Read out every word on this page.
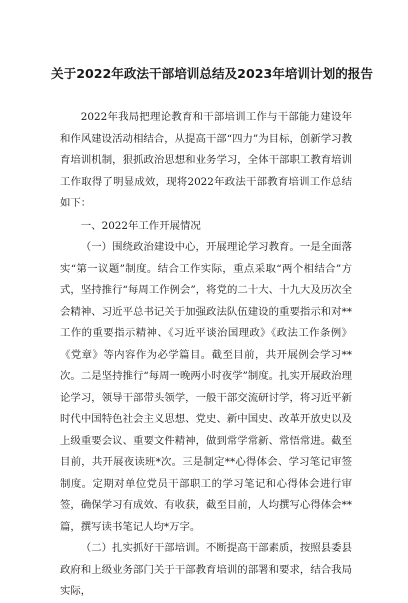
关于2022年政法干部培训总结及2023年培训计划的报告

2022年我局把理论教育和干部培训工作与干部能力建设年和作风建设活动相结合，从提高干部“四力”为目标，创新学习教育培训机制，狠抓政治思想和业务学习，全体干部职工教育培训工作取得了明显成效，现将2022年政法干部教育培训工作总结如下：

一、2022年工作开展情况

（一）围绕政治建设中心，开展理论学习教育。一是全面落实“第一议题”制度。结合工作实际，重点采取“两个相结合”方式，坚持推行“每周工作例会”，将党的二十大、十九大及历次全会精神、习近平总书记关于加强政法队伍建设的重要指示和对**工作的重要指示精神、《习近平谈治国理政》《政法工作条例》《党章》等内容作为必学篇目。截至目前，共开展例会学习**次。二是坚持推行“每周一晚两小时夜学”制度。扎实开展政治理论学习，领导干部带头领学，一般干部交流研讨学，将习近平新时代中国特色社会主义思想、党史、新中国史、改革开放史以及上级重要会议、重要文件精神，做到常学常新、常悟常进。截至目前，共开展夜读班*次。三是制定**心得体会、学习笔记审签制度。定期对单位党员干部职工的学习笔记和心得体会进行审签，确保学习有成效、有收获，截至目前，人均撰写心得体会**篇，撰写读书笔记人均*万字。

（二）扎实抓好干部培训。不断提高干部素质，按照县委县政府和上级业务部门关于干部教育培训的部署和要求，结合我局实际，
